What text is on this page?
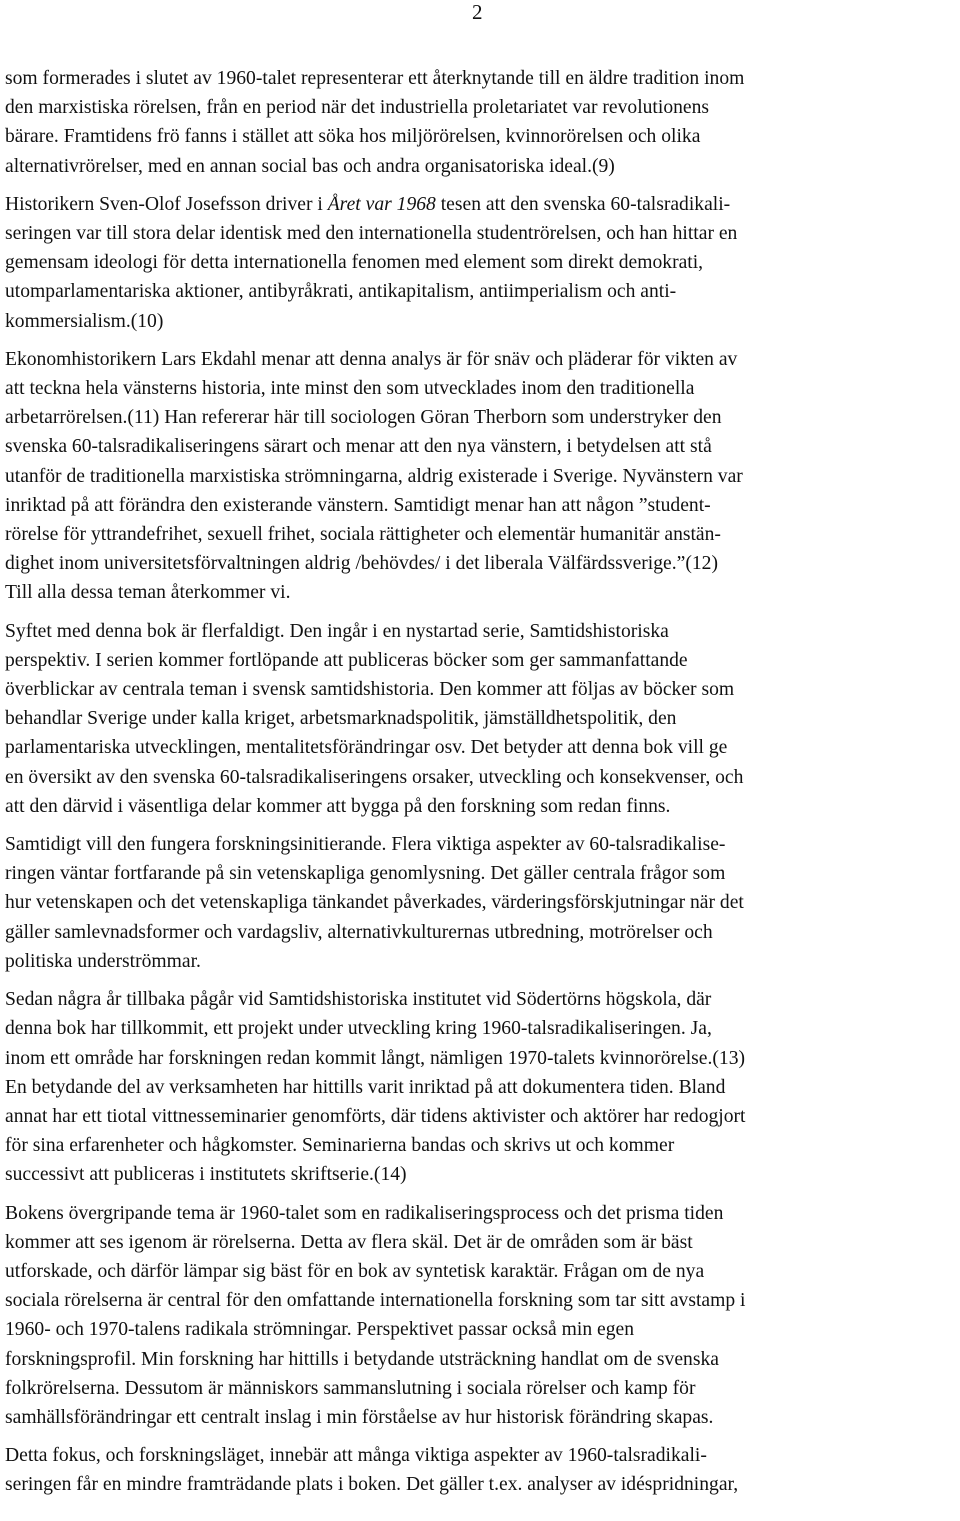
2

som formerades i slutet av 1960-talet representerar ett återknytande till en äldre tradition inom
den marxistiska rörelsen, från en period när det industriella proletariatet var revolutionens
bärare. Framtidens frö fanns i stället att söka hos miljörörelsen, kvinnorörelsen och olika
alternativrörelser, med en annan social bas och andra organisatoriska ideal.(9)

Historikern Sven-Olof Josefsson driver i Året var 1968 tesen att den svenska 60-talsradikali-
seringen var till stora delar identisk med den internationella studentrörelsen, och han hittar en
gemensam ideologi för detta internationella fenomen med element som direkt demokrati,
utomparlamentariska aktioner, antibyråkrati, antikapitalism, antiimperialism och anti-
kommersialism.(10)

Ekonomhistorikern Lars Ekdahl menar att denna analys är för snäv och pläderar för vikten av
att teckna hela vänsterns historia, inte minst den som utvecklades inom den traditionella
arbetarrörelsen.(11) Han refererar här till sociologen Göran Therborn som understryker den
svenska 60-talsradikaliseringens särart och menar att den nya vänstern, i betydelsen att stå
utanför de traditionella marxistiska strömningarna, aldrig existerade i Sverige. Nyvänstern var
inriktad på att förändra den existerande vänstern. Samtidigt menar han att någon ”student-
rörelse för yttrandefrihet, sexuell frihet, sociala rättigheter och elementär humanitär anstän-
dighet inom universitetsförvaltningen aldrig /behövdes/ i det liberala Välfärdssverige.”(12)
Till alla dessa teman återkommer vi.

Syftet med denna bok är flerfaldigt. Den ingår i en nystartad serie, Samtidshistoriska
perspektiv. I serien kommer fortlöpande att publiceras böcker som ger sammanfattande
överblickar av centrala teman i svensk samtidshistoria. Den kommer att följas av böcker som
behandlar Sverige under kalla kriget, arbetsmarknadspolitik, jämställdhetspolitik, den
parlamentariska utvecklingen, mentalitetsförändringar osv. Det betyder att denna bok vill ge
en översikt av den svenska 60-talsradikaliseringens orsaker, utveckling och konsekvenser, och
att den därvid i väsentliga delar kommer att bygga på den forskning som redan finns.

Samtidigt vill den fungera forskningsinitierande. Flera viktiga aspekter av 60-talsradikalise-
ringen väntar fortfarande på sin vetenskapliga genomlysning. Det gäller centrala frågor som
hur vetenskapen och det vetenskapliga tänkandet påverkades, värderingsförskjutningar när det
gäller samlevnadsformer och vardagsliv, alternativkulturernas utbredning, motrörelser och
politiska underströmmar.

Sedan några år tillbaka pågår vid Samtidshistoriska institutet vid Södertörns högskola, där
denna bok har tillkommit, ett projekt under utveckling kring 1960-talsradikaliseringen. Ja,
inom ett område har forskningen redan kommit långt, nämligen 1970-talets kvinnorörelse.(13)
En betydande del av verksamheten har hittills varit inriktad på att dokumentera tiden. Bland
annat har ett tiotal vittnesseminarier genomförts, där tidens aktivister och aktörer har redogjort
för sina erfarenheter och hågkomster. Seminarierna bandas och skrivs ut och kommer
successivt att publiceras i institutets skriftserie.(14)

Bokens övergripande tema är 1960-talet som en radikaliseringsprocess och det prisma tiden
kommer att ses igenom är rörelserna. Detta av flera skäl. Det är de områden som är bäst
utforskade, och därför lämpar sig bäst för en bok av syntetisk karaktär. Frågan om de nya
sociala rörelserna är central för den omfattande internationella forskning som tar sitt avstamp i
1960- och 1970-talens radikala strömningar. Perspektivet passar också min egen
forskningsprofil. Min forskning har hittills i betydande utsträckning handlat om de svenska
folkrörelserna. Dessutom är människors sammanslutning i sociala rörelser och kamp för
samhällsförändringar ett centralt inslag i min förståelse av hur historisk förändring skapas.

Detta fokus, och forskningsläget, innebär att många viktiga aspekter av 1960-talsradikali-
seringen får en mindre framträdande plats i boken. Det gäller t.ex. analyser av idéspridningar,
